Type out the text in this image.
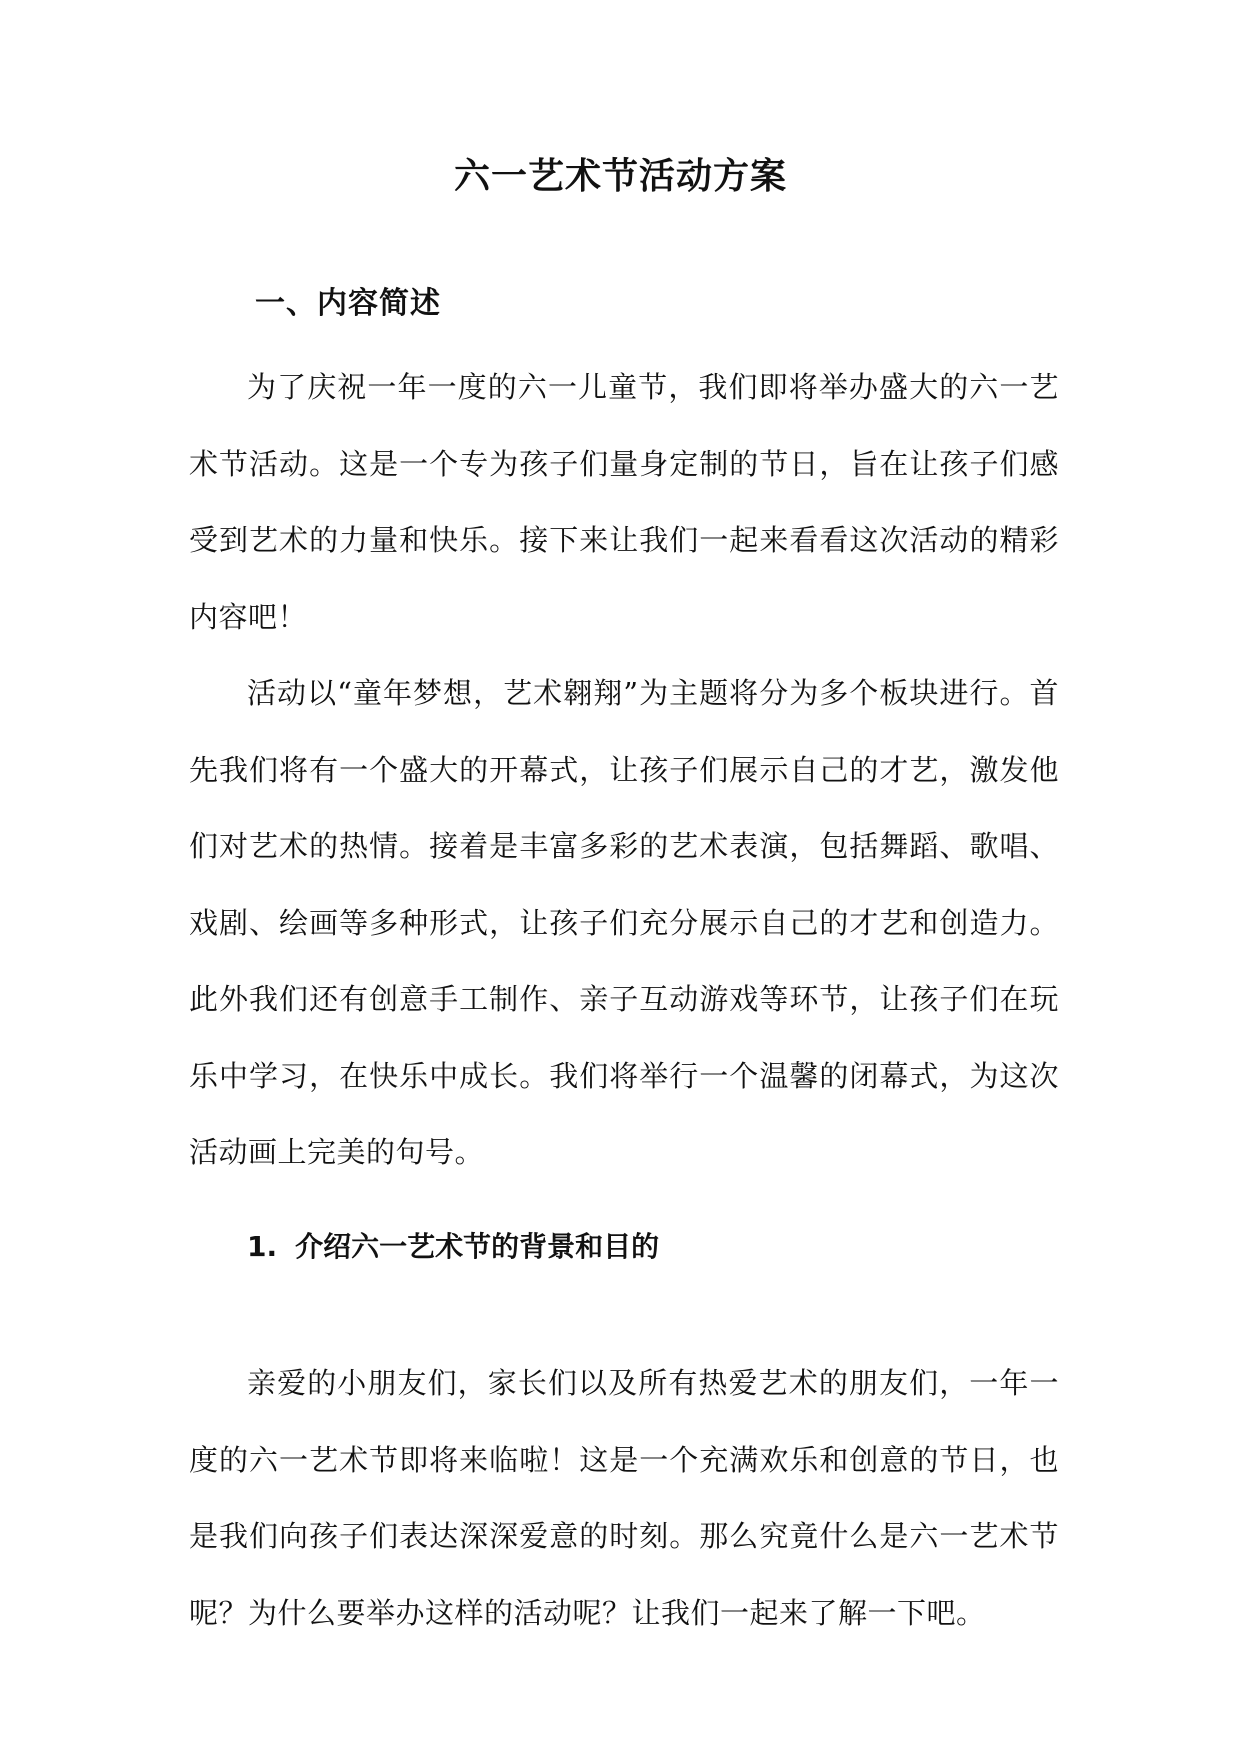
六一艺术节活动方案
一、内容简述

为了庆祝一年一度的六一儿童节，我们即将举办盛大的六一艺术节活动。这是一个专为孩子们量身定制的节日，旨在让孩子们感受到艺术的力量和快乐。接下来让我们一起来看看这次活动的精彩内容吧！

活动以“童年梦想，艺术翱翔”为主题将分为多个板块进行。首先我们将有一个盛大的开幕式，让孩子们展示自己的才艺，激发他们对艺术的热情。接着是丰富多彩的艺术表演，包括舞蹈、歌唱、戏剧、绘画等多种形式，让孩子们充分展示自己的才艺和创造力。此外我们还有创意手工制作、亲子互动游戏等环节，让孩子们在玩乐中学习，在快乐中成长。我们将举行一个温馨的闭幕式，为这次活动画上完美的句号。

1. 介绍六一艺术节的背景和目的

亲爱的小朋友们，家长们以及所有热爱艺术的朋友们，一年一度的六一艺术节即将来临啦！这是一个充满欢乐和创意的节日，也是我们向孩子们表达深深爱意的时刻。那么究竟什么是六一艺术节呢？为什么要举办这样的活动呢？让我们一起来了解一下吧。
